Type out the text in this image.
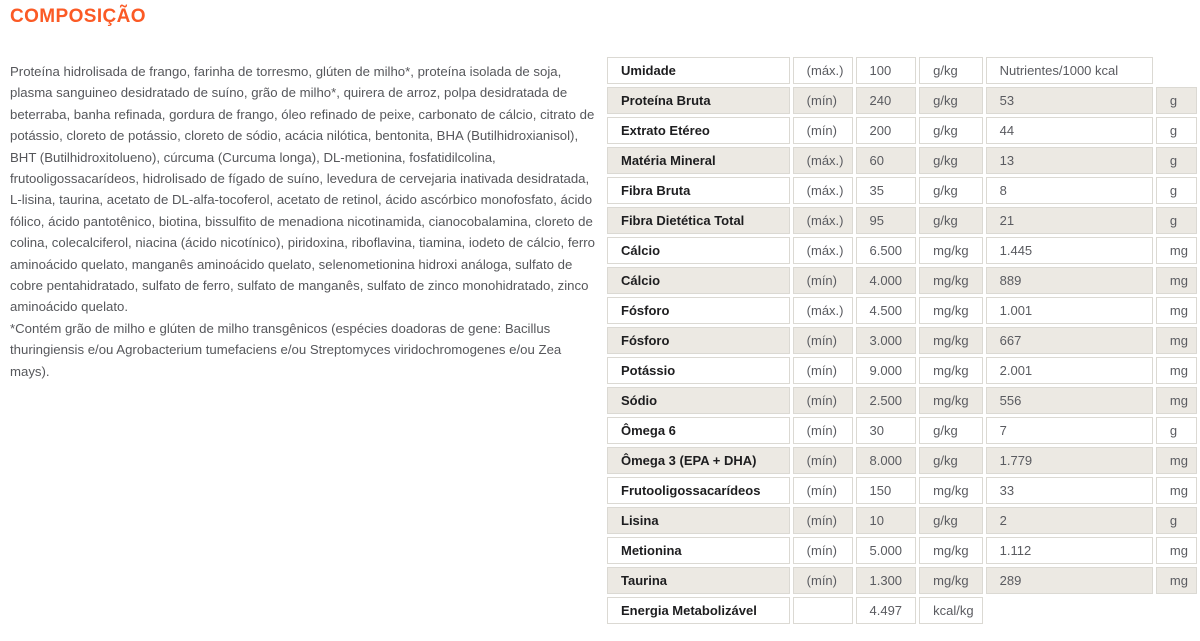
COMPOSIÇÃO

Proteína hidrolisada de frango, farinha de torresmo, glúten de milho*, proteína isolada de soja, plasma sanguineo desidratado de suíno, grão de milho*, quirera de arroz, polpa desidratada de beterraba, banha refinada, gordura de frango, óleo refinado de peixe, carbonato de cálcio, citrato de potássio, cloreto de potássio, cloreto de sódio, acácia nilótica, bentonita, BHA (Butilhidroxianisol), BHT (Butilhidroxitolueno), cúrcuma (Curcuma longa), DL-metionina, fosfatidilcolina, frutooligossacarídeos, hidrolisado de fígado de suíno, levedura de cervejaria inativada desidratada, L-lisina, taurina, acetato de DL-alfa-tocoferol, acetato de retinol, ácido ascórbico monofosfato, ácido fólico, ácido pantotênico, biotina, bissulfito de menadiona nicotinamida, cianocobalamina, cloreto de colina, colecalciferol, niacina (ácido nicotínico), piridoxina, riboflavina, tiamina, iodeto de cálcio, ferro aminoácido quelato, manganês aminoácido quelato, selenometionina hidroxi análoga, sulfato de cobre pentahidratado, sulfato de ferro, sulfato de manganês, sulfato de zinco monohidratado, zinco aminoácido quelato.

*Contém grão de milho e glúten de milho transgênicos (espécies doadoras de gene: Bacillus thuringiensis e/ou Agrobacterium tumefaciens e/ou Streptomyces viridochromogenes e/ou Zea mays).

Umidade	(máx.)	100	g/kg	Nutrientes/1000 kcal	
Proteína Bruta	(mín)	240	g/kg	53	g
Extrato Etéreo	(mín)	200	g/kg	44	g
Matéria Mineral	(máx.)	60	g/kg	13	g
Fibra Bruta	(máx.)	35	g/kg	8	g
Fibra Dietética Total	(máx.)	95	g/kg	21	g
Cálcio	(máx.)	6.500	mg/kg	1.445	mg
Cálcio	(mín)	4.000	mg/kg	889	mg
Fósforo	(máx.)	4.500	mg/kg	1.001	mg
Fósforo	(mín)	3.000	mg/kg	667	mg
Potássio	(mín)	9.000	mg/kg	2.001	mg
Sódio	(mín)	2.500	mg/kg	556	mg
Ômega 6	(mín)	30	g/kg	7	g
Ômega 3 (EPA + DHA)	(mín)	8.000	g/kg	1.779	mg
Frutooligossacarídeos	(mín)	150	mg/kg	33	mg
Lisina	(mín)	10	g/kg	2	g
Metionina	(mín)	5.000	mg/kg	1.112	mg
Taurina	(mín)	1.300	mg/kg	289	mg
Energia Metabolizável		4.497	kcal/kg		
